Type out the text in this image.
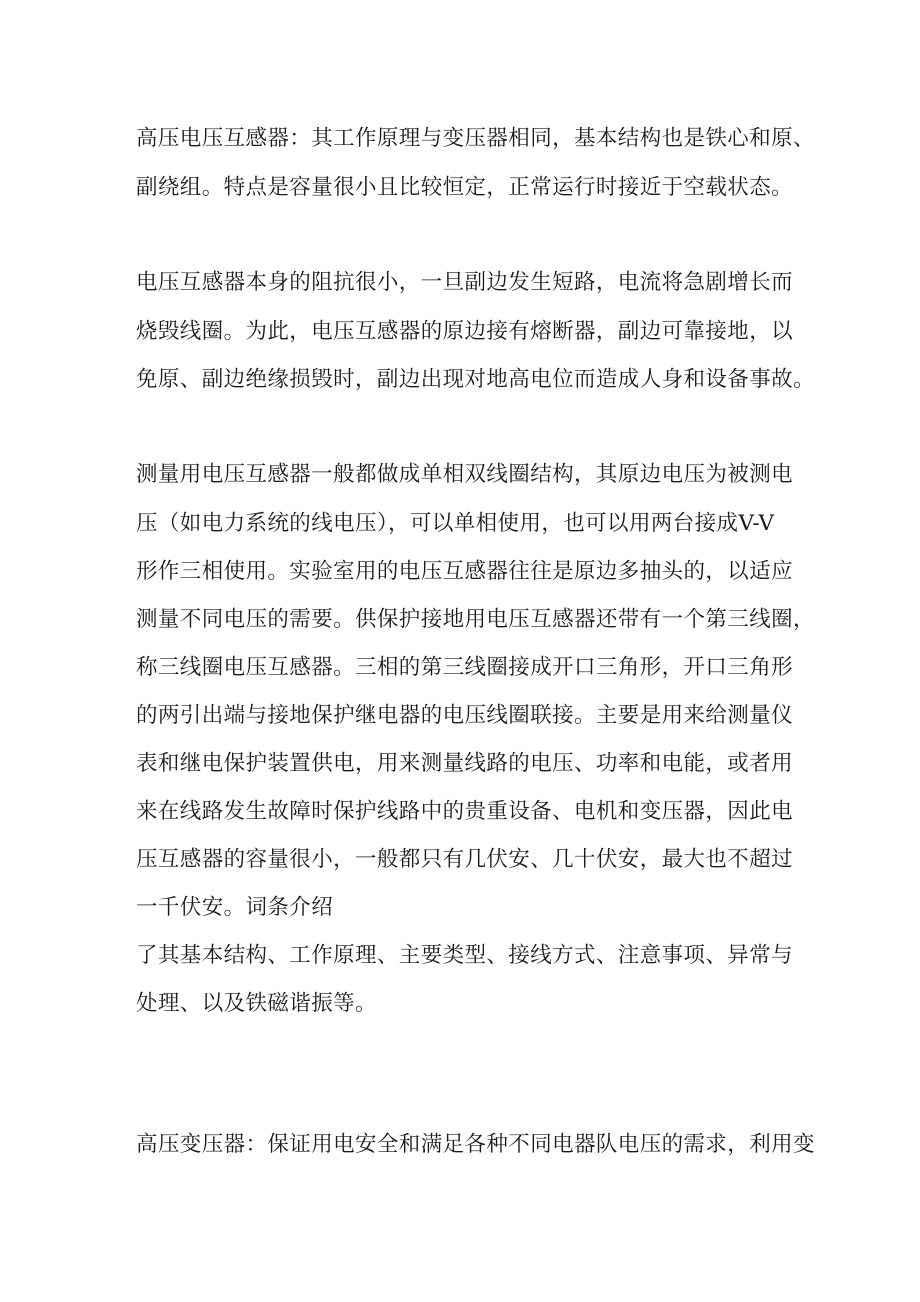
高压电压互感器：其工作原理与变压器相同，基本结构也是铁心和原、
副绕组。特点是容量很小且比较恒定，正常运行时接近于空载状态。
电压互感器本身的阻抗很小，一旦副边发生短路，电流将急剧增长而
烧毁线圈。为此，电压互感器的原边接有熔断器，副边可靠接地，以
免原、副边绝缘损毁时，副边出现对地高电位而造成人身和设备事故。
测量用电压互感器一般都做成单相双线圈结构，其原边电压为被测电
压（如电力系统的线电压），可以单相使用，也可以用两台接成V-V
形作三相使用。实验室用的电压互感器往往是原边多抽头的，以适应
测量不同电压的需要。供保护接地用电压互感器还带有一个第三线圈，
称三线圈电压互感器。三相的第三线圈接成开口三角形，开口三角形
的两引出端与接地保护继电器的电压线圈联接。主要是用来给测量仪
表和继电保护装置供电，用来测量线路的电压、功率和电能，或者用
来在线路发生故障时保护线路中的贵重设备、电机和变压器，因此电
压互感器的容量很小，一般都只有几伏安、几十伏安，最大也不超过
一千伏安。词条介绍
了其基本结构、工作原理、主要类型、接线方式、注意事项、异常与
处理、以及铁磁谐振等。
高压变压器：保证用电安全和满足各种不同电器队电压的需求，利用变
